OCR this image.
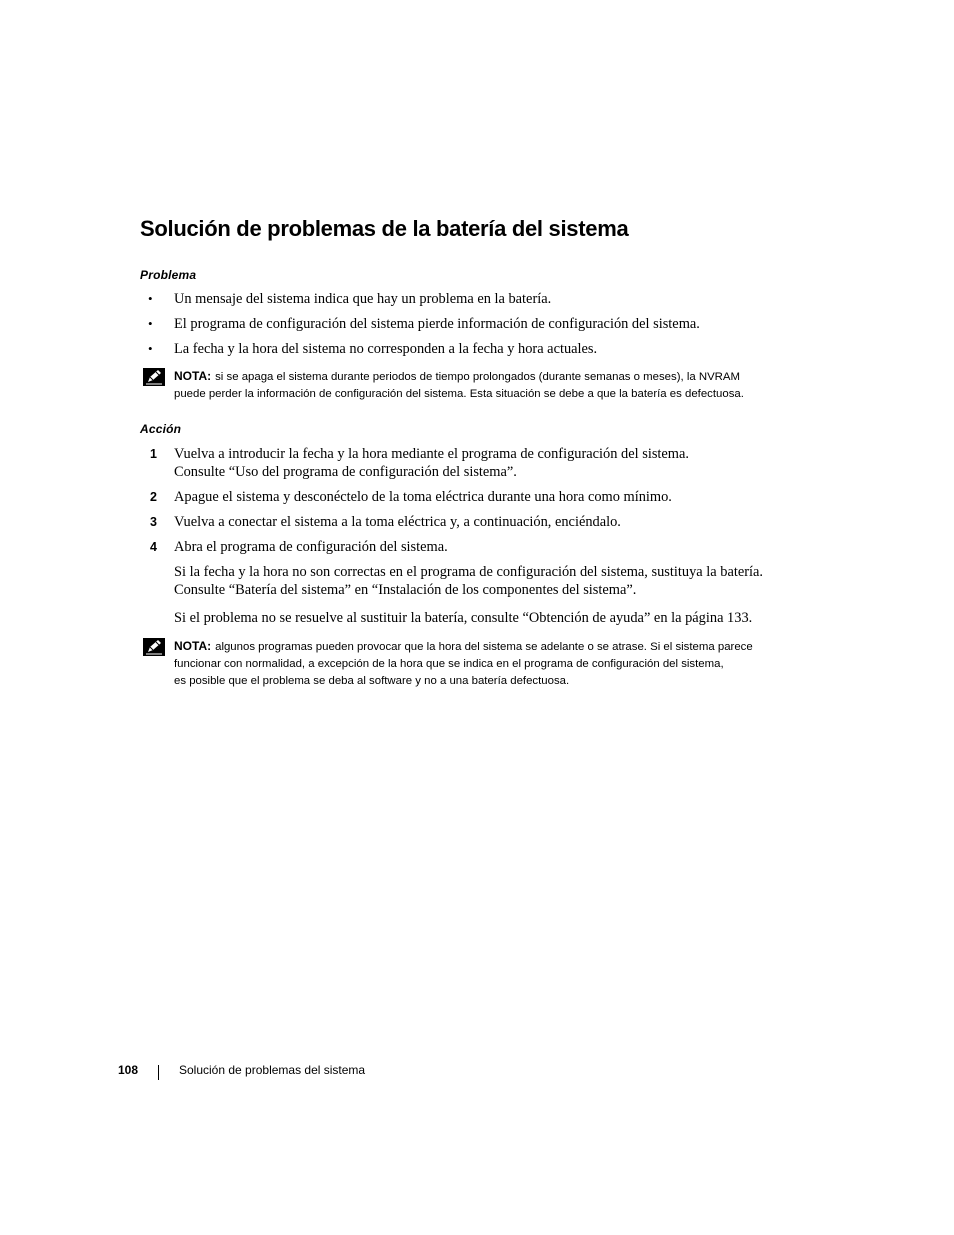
Solución de problemas de la batería del sistema
Problema
• Un mensaje del sistema indica que hay un problema en la batería.
• El programa de configuración del sistema pierde información de configuración del sistema.
• La fecha y la hora del sistema no corresponden a la fecha y hora actuales.
NOTA: si se apaga el sistema durante periodos de tiempo prolongados (durante semanas o meses), la NVRAM
puede perder la información de configuración del sistema. Esta situación se debe a que la batería es defectuosa.
Acción
1 Vuelva a introducir la fecha y la hora mediante el programa de configuración del sistema.
Consulte “Uso del programa de configuración del sistema”.
2 Apague el sistema y desconéctelo de la toma eléctrica durante una hora como mínimo.
3 Vuelva a conectar el sistema a la toma eléctrica y, a continuación, enciéndalo.
4 Abra el programa de configuración del sistema.
Si la fecha y la hora no son correctas en el programa de configuración del sistema, sustituya la batería.
Consulte “Batería del sistema” en “Instalación de los componentes del sistema”.
Si el problema no se resuelve al sustituir la batería, consulte “Obtención de ayuda” en la página 133.
NOTA: algunos programas pueden provocar que la hora del sistema se adelante o se atrase. Si el sistema parece
funcionar con normalidad, a excepción de la hora que se indica en el programa de configuración del sistema,
es posible que el problema se deba al software y no a una batería defectuosa.
108	Solución de problemas del sistema
